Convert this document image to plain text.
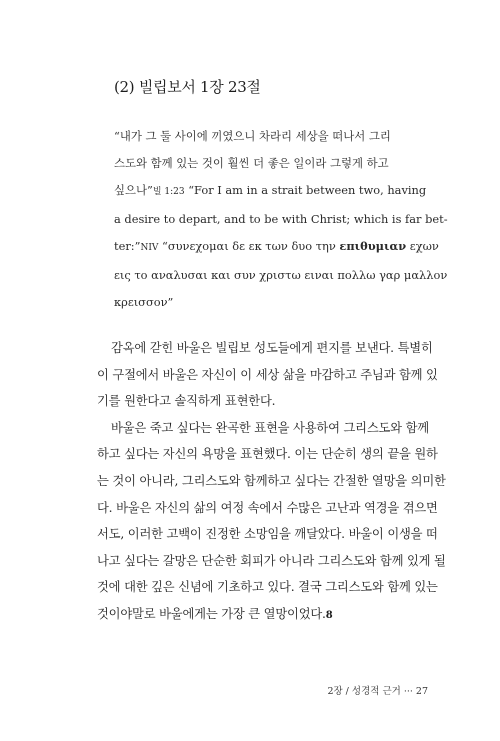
(2) 빌립보서 1장 23절
“내가 그 둘 사이에 끼였으니 차라리 세상을 떠나서 그리
스도와 함께 있는 것이 훨씬 더 좋은 일이라 그렇게 하고
싶으나”빌 1:23 “For I am in a strait between two, having
a desire to depart, and to be with Christ; which is far bet-
ter:”NIV “συνεχομαι δε εκ των δυο την επιθυμιαν εχων
εις το αναλυσαι και συν χριστω ειναι πολλω γαρ μαλλον
κρεισσον”
감옥에 갇힌 바울은 빌립보 성도들에게 편지를 보낸다. 특별히
이 구절에서 바울은 자신이 이 세상 삶을 마감하고 주님과 함께 있
기를 원한다고 솔직하게 표현한다.
바울은 죽고 싶다는 완곡한 표현을 사용하여 그리스도와 함께
하고 싶다는 자신의 욕망을 표현했다. 이는 단순히 생의 끝을 원하
는 것이 아니라, 그리스도와 함께하고 싶다는 간절한 열망을 의미한
다. 바울은 자신의 삶의 여정 속에서 수많은 고난과 역경을 겪으면
서도, 이러한 고백이 진정한 소망임을 깨달았다. 바울이 이생을 떠
나고 싶다는 갈망은 단순한 회피가 아니라 그리스도와 함께 있게 될
것에 대한 깊은 신념에 기초하고 있다. 결국 그리스도와 함께 있는
것이야말로 바울에게는 가장 큰 열망이었다.8
2장 / 성경적 근거 ··· 27
